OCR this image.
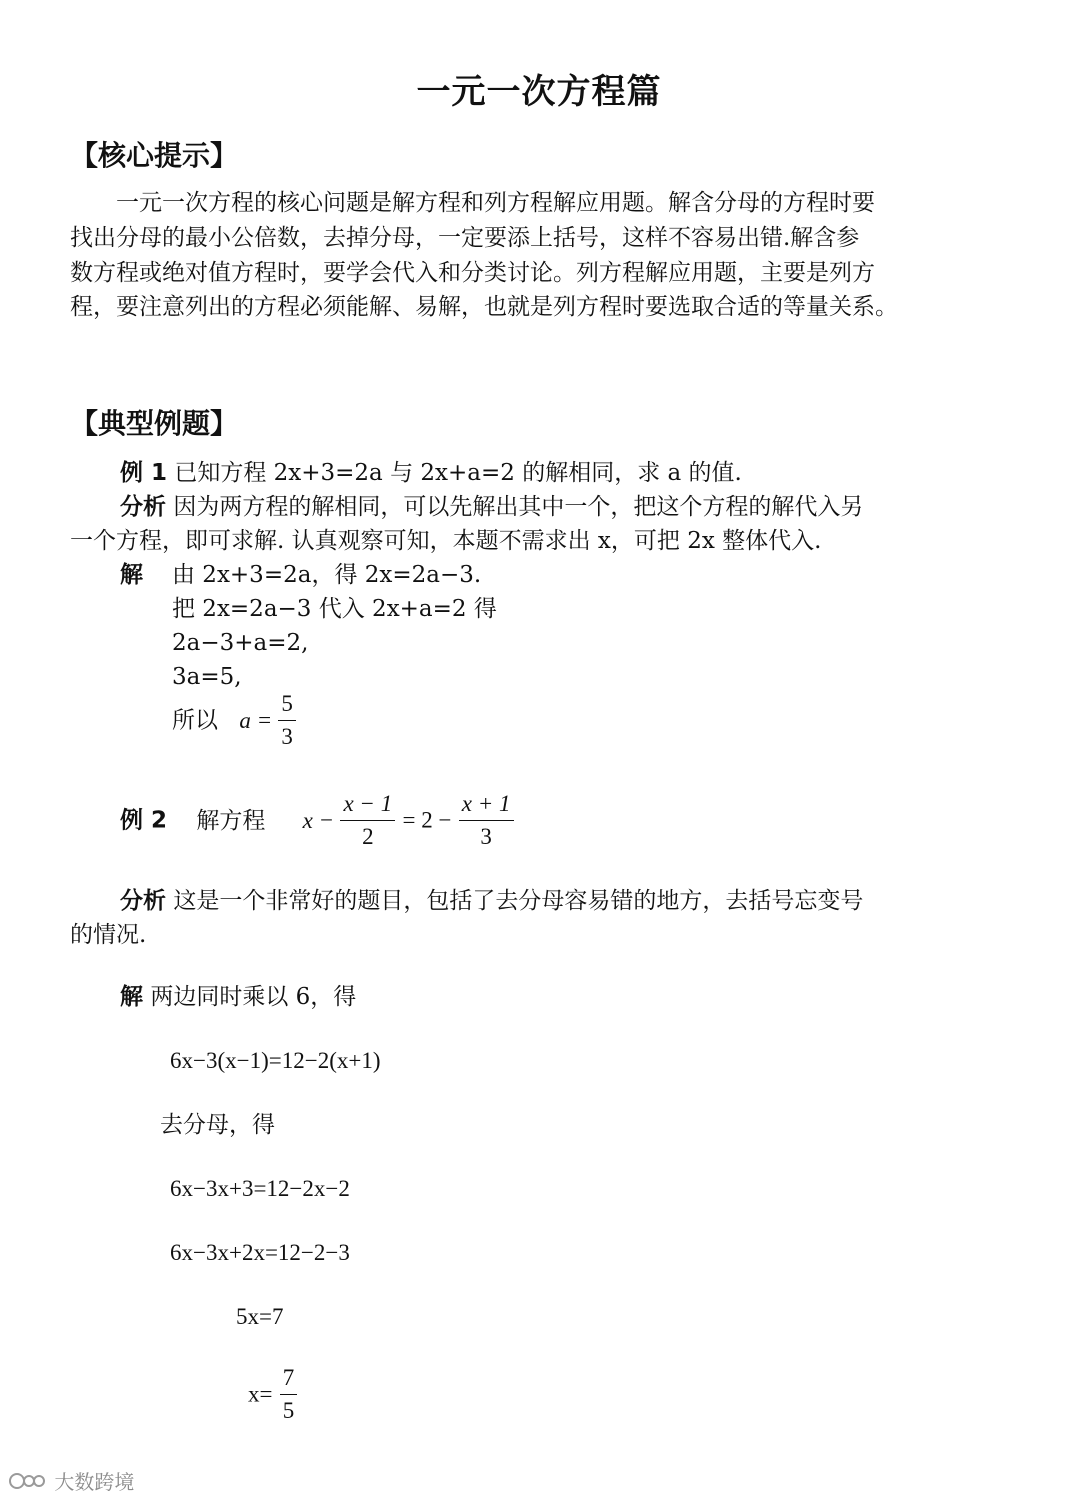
一元一次方程篇
【核心提示】
一元一次方程的核心问题是解方程和列方程解应用题。解含分母的方程时要
找出分母的最小公倍数，去掉分母，一定要添上括号，这样不容易出错.解含参
数方程或绝对值方程时，要学会代入和分类讨论。列方程解应用题，主要是列方
程，要注意列出的方程必须能解、易解，也就是列方程时要选取合适的等量关系。
【典型例题】
例 1 已知方程 2x+3=2a 与 2x+a=2 的解相同，求 a 的值.
分析 因为两方程的解相同，可以先解出其中一个，把这个方程的解代入另
一个方程，即可求解. 认真观察可知，本题不需求出 x，可把 2x 整体代入.
解 由 2x+3=2a，得 2x=2a−3.
把 2x=2a−3 代入 2x+a=2 得
2a−3+a=2,
3a=5,
所以 $a = \frac{5}{3}$
例 2 解方程 $x - \frac{x - 1}{2} = 2 - \frac{x + 1}{3}$
分析 这是一个非常好的题目，包括了去分母容易错的地方，去括号忘变号
的情况.
解 两边同时乘以 6，得
6x−3(x−1)=12−2(x+1)
去分母，得
6x−3x+3=12−2x−2
6x−3x+2x=12−2−3
5x=7
$x= \frac{7}{5}$
大数跨境
